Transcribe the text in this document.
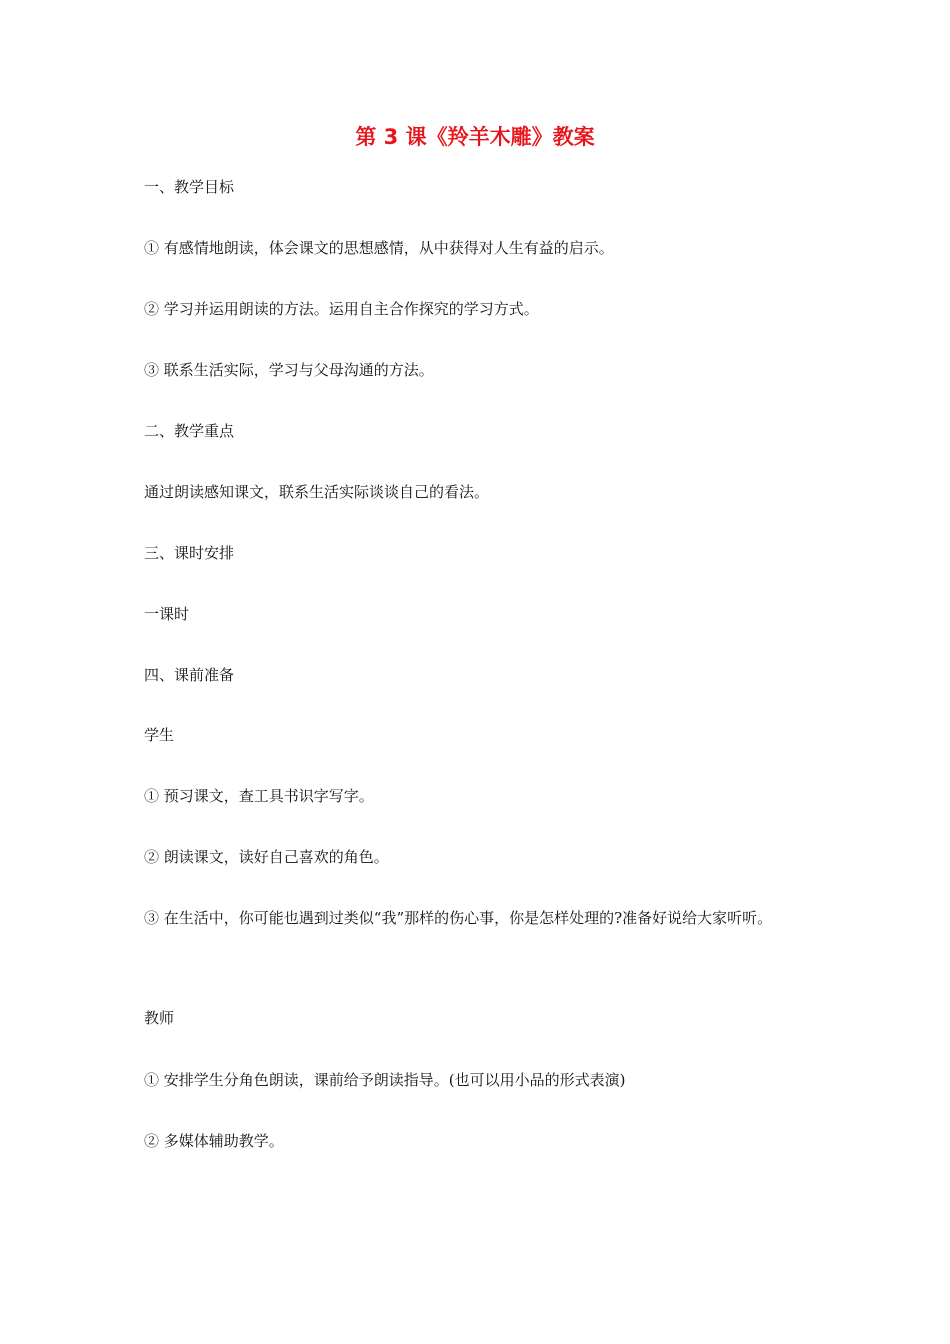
第 3 课《羚羊木雕》教案

一、教学目标

① 有感情地朗读，体会课文的思想感情，从中获得对人生有益的启示。

② 学习并运用朗读的方法。运用自主合作探究的学习方式。

③ 联系生活实际，学习与父母沟通的方法。

二、教学重点

通过朗读感知课文，联系生活实际谈谈自己的看法。

三、课时安排

一课时

四、课前准备

学生

① 预习课文，查工具书识字写字。

② 朗读课文，读好自己喜欢的角色。

③ 在生活中，你可能也遇到过类似“我”那样的伤心事，你是怎样处理的?准备好说给大家听听。

教师

① 安排学生分角色朗读，课前给予朗读指导。(也可以用小品的形式表演)

② 多媒体辅助教学。
